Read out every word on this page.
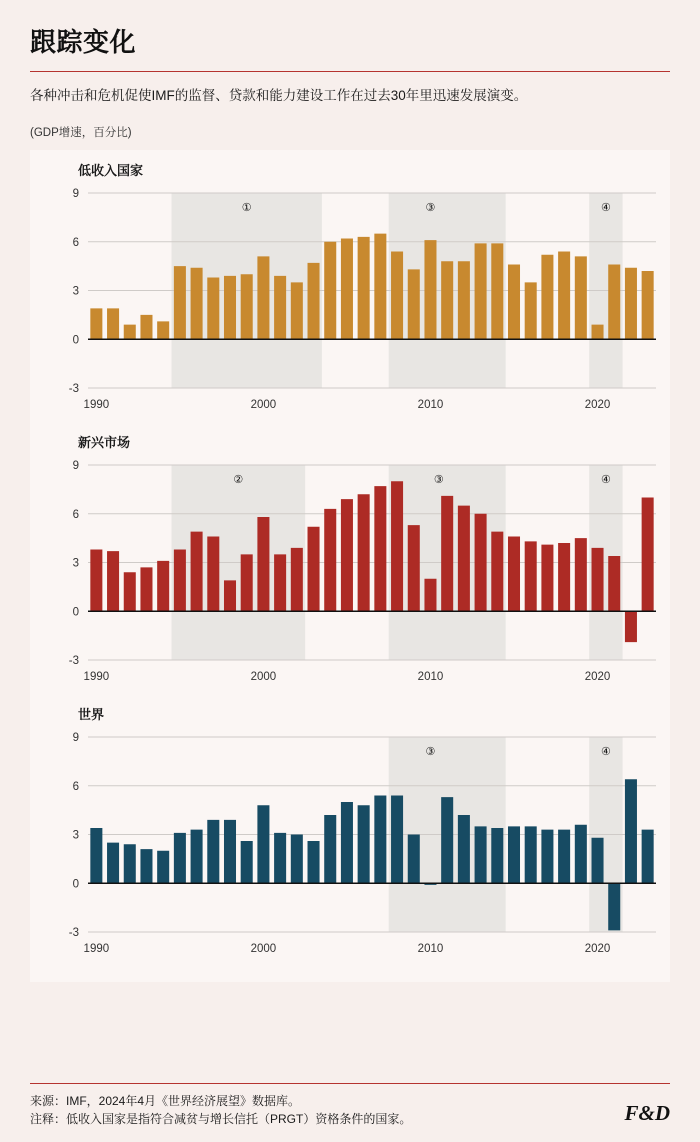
跟踪变化
各种冲击和危机促使IMF的监督、贷款和能力建设工作在过去30年里迅速发展演变。
(GDP增速，百分比)
低收入国家
-3
0
3
6
9
1990	2000	2010	2020
①	③	④
新兴市场
-3
0
3
6
9
1990	2000	2010	2020
②	③	④
世界
-3
0
3
6
9
1990	2000	2010	2020
③	④
来源：IMF，2024年4月《世界经济展望》数据库。
注释：低收入国家是指符合减贫与增长信托（PRGT）资格条件的国家。	F&D
